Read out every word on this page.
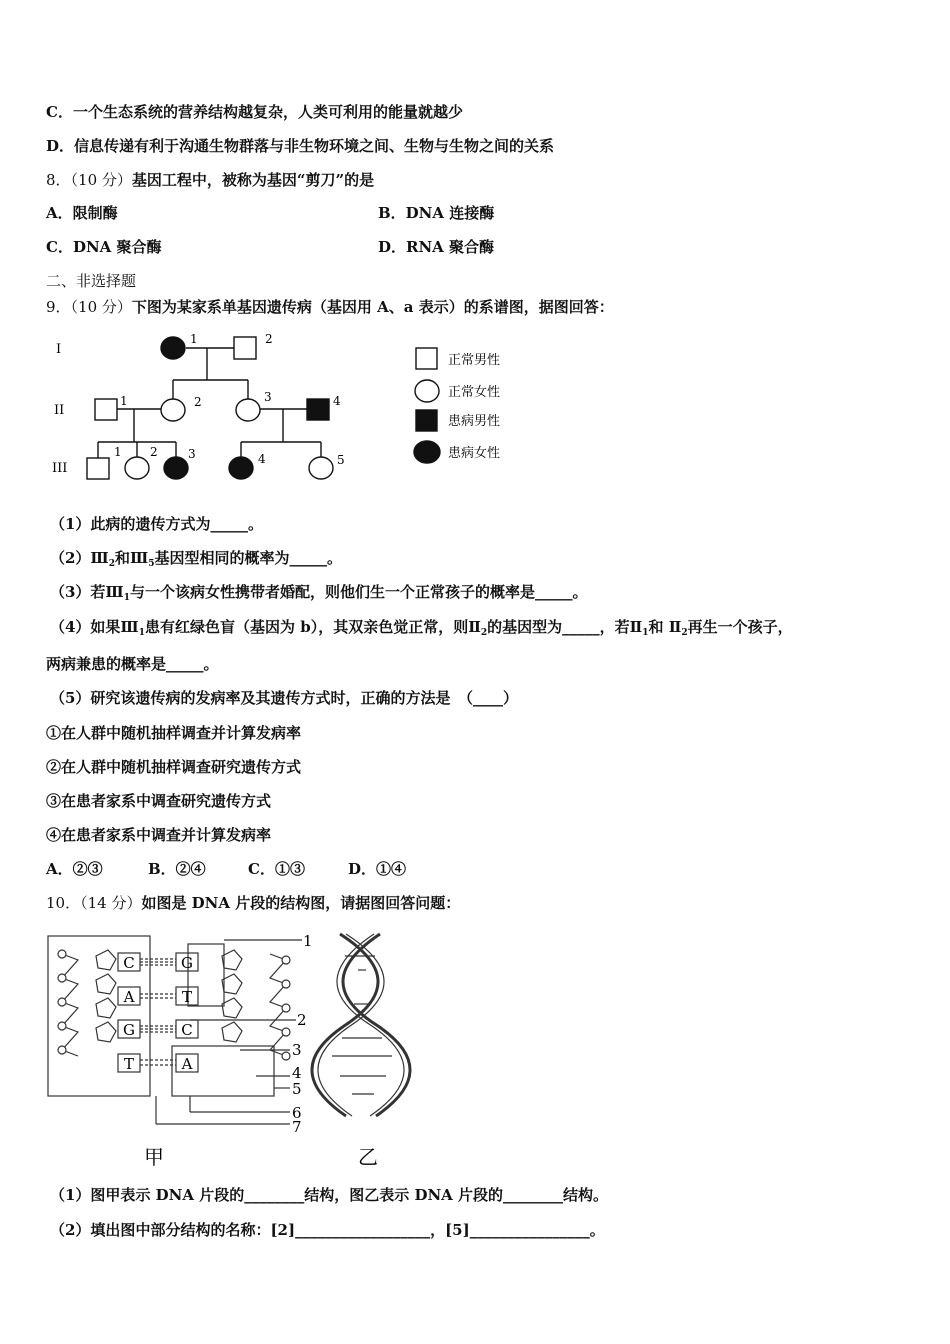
C．一个生态系统的营养结构越复杂，人类可利用的能量就越少
D．信息传递有利于沟通生物群落与非生物环境之间、生物与生物之间的关系
8．（10 分）基因工程中，被称为基因“剪刀”的是
A．限制酶	B．DNA 连接酶
C．DNA 聚合酶	D．RNA 聚合酶
二、非选择题
9．（10 分）下图为某家系单基因遗传病（基因用 A、a 表示）的系谱图，据图回答：
I
II
III
1	2
1	2	3	4
1 2	3	4	5
正常男性
正常女性
患病男性
患病女性
（1）此病的遗传方式为_____。
$(2)Ⅲ_2$和$Ⅲ_5$基因型相同的概率为_____。
（3）若$Ⅲ_1$与一个该病女性携带者婚配，则他们生一个正常孩子的概率是_____。
（4）如果$Ⅲ_1$患有红绿色盲（基因为 b），其双亲色觉正常，则$Ⅱ_2$的基因型为_____，若$Ⅱ_1$和 $Ⅱ_2$再生一个孩子，
两病兼患的概率是_____。
（5）研究该遗传病的发病率及其遗传方式时，正确的方法是　（____）
①在人群中随机抽样调查并计算发病率
②在人群中随机抽样调查研究遗传方式
③在患者家系中调查研究遗传方式
④在患者家系中调查并计算发病率
A．②③	B．②④	C．①③	D．①④
10．（14 分）如图是 DNA 片段的结构图，请据图回答问题：
C
A
G
T
G
T
C
A
1
2
3
4
5
6
7
甲	乙
（1）图甲表示 DNA 片段的________结构，图乙表示 DNA 片段的________结构。
（2）填出图中部分结构的名称：[2]__________________，[5]________________。
